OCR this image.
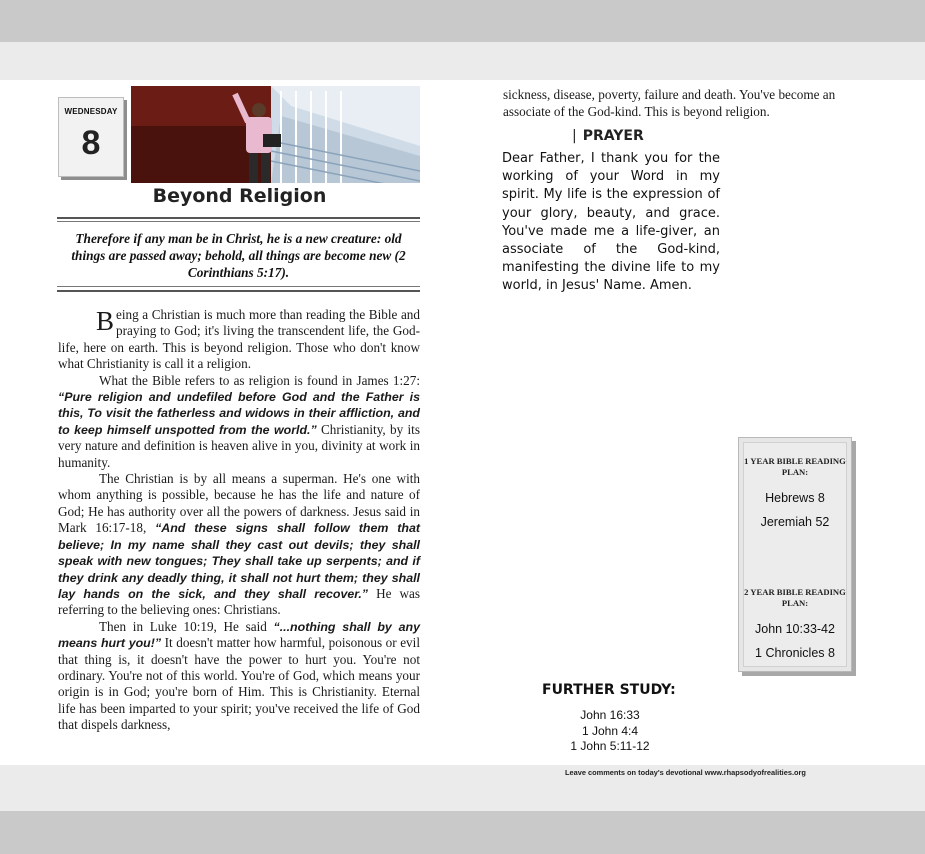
WEDNESDAY
8
Beyond Religion
Therefore if any man be in Christ, he is a new creature: old things are passed away; behold, all things are become new (2 Corinthians 5:17).

Being a Christian is much more than reading the Bible and praying to God; it's living the transcendent life, the God-life, here on earth. This is beyond religion. Those who don't know what Christianity is call it a religion.

What the Bible refers to as religion is found in James 1:27: “Pure religion and undefiled before God and the Father is this, To visit the fatherless and widows in their affliction, and to keep himself unspotted from the world.” Christianity, by its very nature and definition is heaven alive in you, divinity at work in humanity.

The Christian is by all means a superman. He's one with whom anything is possible, because he has the life and nature of God; He has authority over all the powers of darkness. Jesus said in Mark 16:17-18, “And these signs shall follow them that believe; In my name shall they cast out devils; they shall speak with new tongues; They shall take up serpents; and if they drink any deadly thing, it shall not hurt them; they shall lay hands on the sick, and they shall recover.” He was referring to the believing ones: Christians.

Then in Luke 10:19, He said “...nothing shall by any means hurt you!” It doesn't matter how harmful, poisonous or evil that thing is, it doesn't have the power to hurt you. You're not ordinary. You're not of this world. You're of God, which means your origin is in God; you're born of Him. This is Christianity. Eternal life has been imparted to your spirit; you've received the life of God that dispels darkness,

sickness, disease, poverty, failure and death. You've become an associate of the God-kind. This is beyond religion.
| PRAYER
Dear Father, I thank you for the working of your Word in my spirit. My life is the expression of your glory, beauty, and grace. You've made me a life-giver, an associate of the God-kind, manifesting the divine life to my world, in Jesus' Name. Amen.
1 YEAR BIBLE READING PLAN:
Hebrews 8
Jeremiah 52
2 YEAR BIBLE READING PLAN:
John 10:33-42
1 Chronicles 8
FURTHER STUDY:
John 16:33
1 John 4:4
1 John 5:11-12
Leave comments on today's devotional www.rhapsodyofrealities.org
